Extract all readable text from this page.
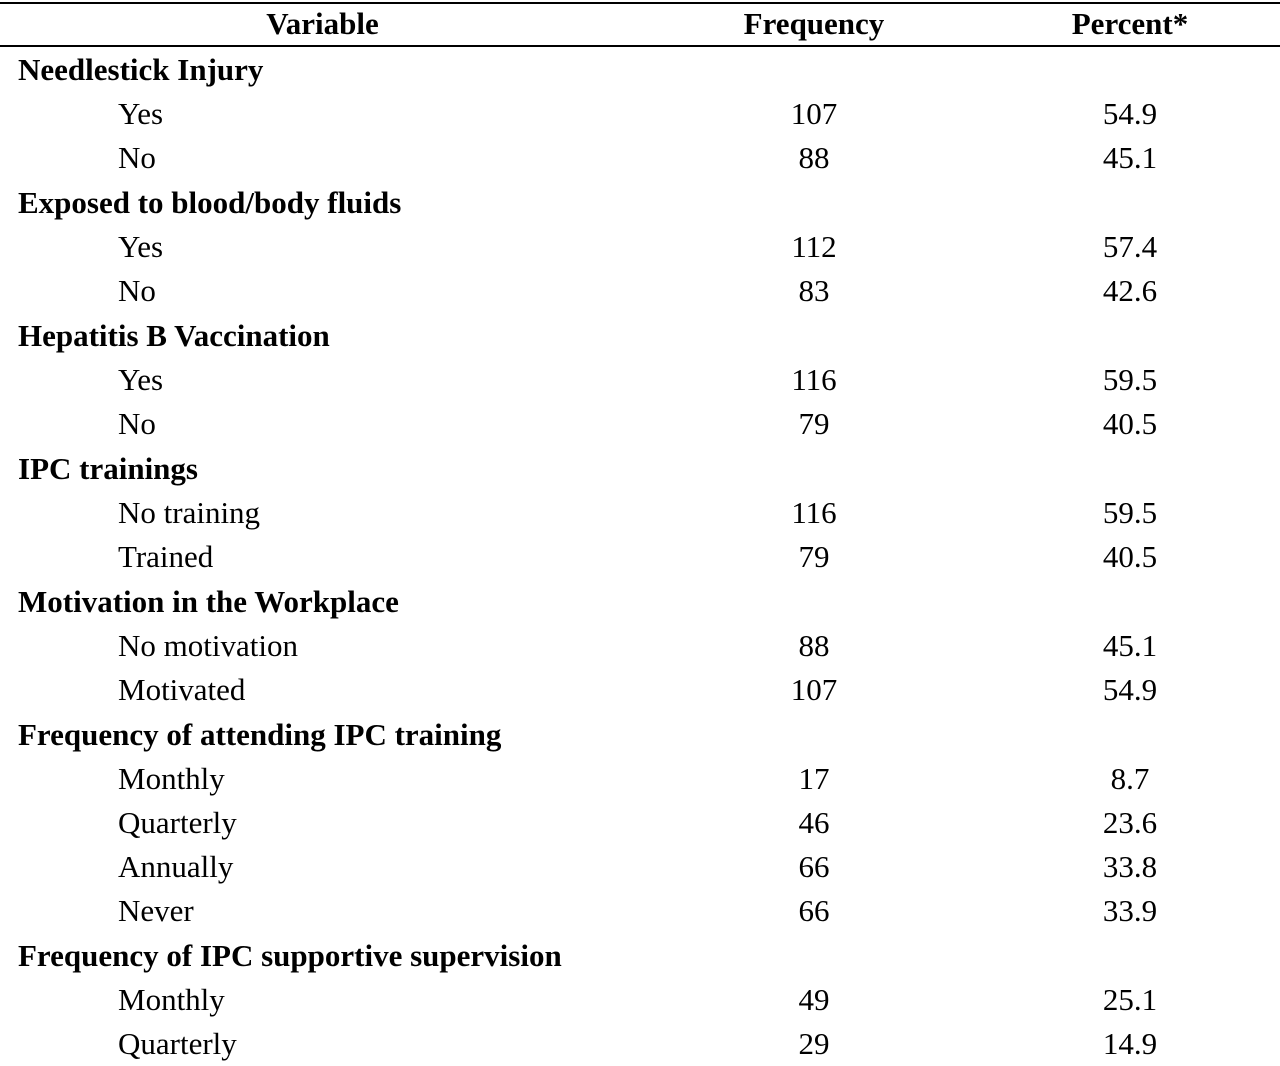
Variable	Frequency	Percent*
Needlestick Injury
Yes	107	54.9
No	88	45.1
Exposed to blood/body fluids
Yes	112	57.4
No	83	42.6
Hepatitis B Vaccination
Yes	116	59.5
No	79	40.5
IPC trainings
No training	116	59.5
Trained	79	40.5
Motivation in the Workplace
No motivation	88	45.1
Motivated	107	54.9
Frequency of attending IPC training
Monthly	17	8.7
Quarterly	46	23.6
Annually	66	33.8
Never	66	33.9
Frequency of IPC supportive supervision
Monthly	49	25.1
Quarterly	29	14.9
